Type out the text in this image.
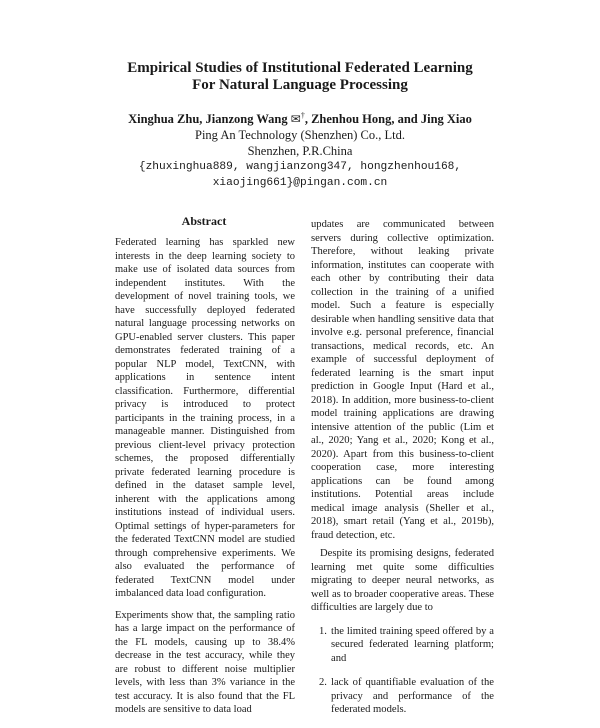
Empirical Studies of Institutional Federated Learning
For Natural Language Processing
Xinghua Zhu, Jianzong Wang ✉†, Zhenhou Hong, and Jing Xiao
Ping An Technology (Shenzhen) Co., Ltd.
Shenzhen, P.R.China
{zhuxinghua889, wangjianzong347, hongzhenhou168,
xiaojing661}@pingan.com.cn
Abstract

Federated learning has sparkled new interests in the deep learning society to make use of isolated data sources from independent institutes. With the development of novel training tools, we have successfully deployed federated natural language processing networks on GPU-enabled server clusters. This paper demonstrates federated training of a popular NLP model, TextCNN, with applications in sentence intent classification. Furthermore, differential privacy is introduced to protect participants in the training process, in a manageable manner. Distinguished from previous client-level privacy protection schemes, the proposed differentially private federated learning procedure is defined in the dataset sample level, inherent with the applications among institutions instead of individual users. Optimal settings of hyper-parameters for the federated TextCNN model are studied through comprehensive experiments. We also evaluated the performance of federated TextCNN model under imbalanced data load configuration.

Experiments show that, the sampling ratio has a large impact on the performance of the FL models, causing up to 38.4% decrease in the test accuracy, while they are robust to different noise multiplier levels, with less than 3% variance in the test accuracy. It is also found that the FL models are sensitive to data load

updates are communicated between servers during collective optimization. Therefore, without leaking private information, institutes can cooperate with each other by contributing their data collection in the training of a unified model. Such a feature is especially desirable when handling sensitive data that involve e.g. personal preference, financial transactions, medical records, etc. An example of successful deployment of federated learning is the smart input prediction in Google Input (Hard et al., 2018). In addition, more business-to-client model training applications are drawing intensive attention of the public (Lim et al., 2020; Yang et al., 2020; Kong et al., 2020). Apart from this business-to-client cooperation case, more interesting applications can be found among institutions. Potential areas include medical image analysis (Sheller et al., 2018), smart retail (Yang et al., 2019b), fraud detection, etc.

Despite its promising designs, federated learning met quite some difficulties migrating to deeper neural networks, as well as to broader cooperative areas. These difficulties are largely due to

1. the limited training speed offered by a secured federated learning platform; and
2. lack of quantifiable evaluation of the privacy and performance of the federated models.
